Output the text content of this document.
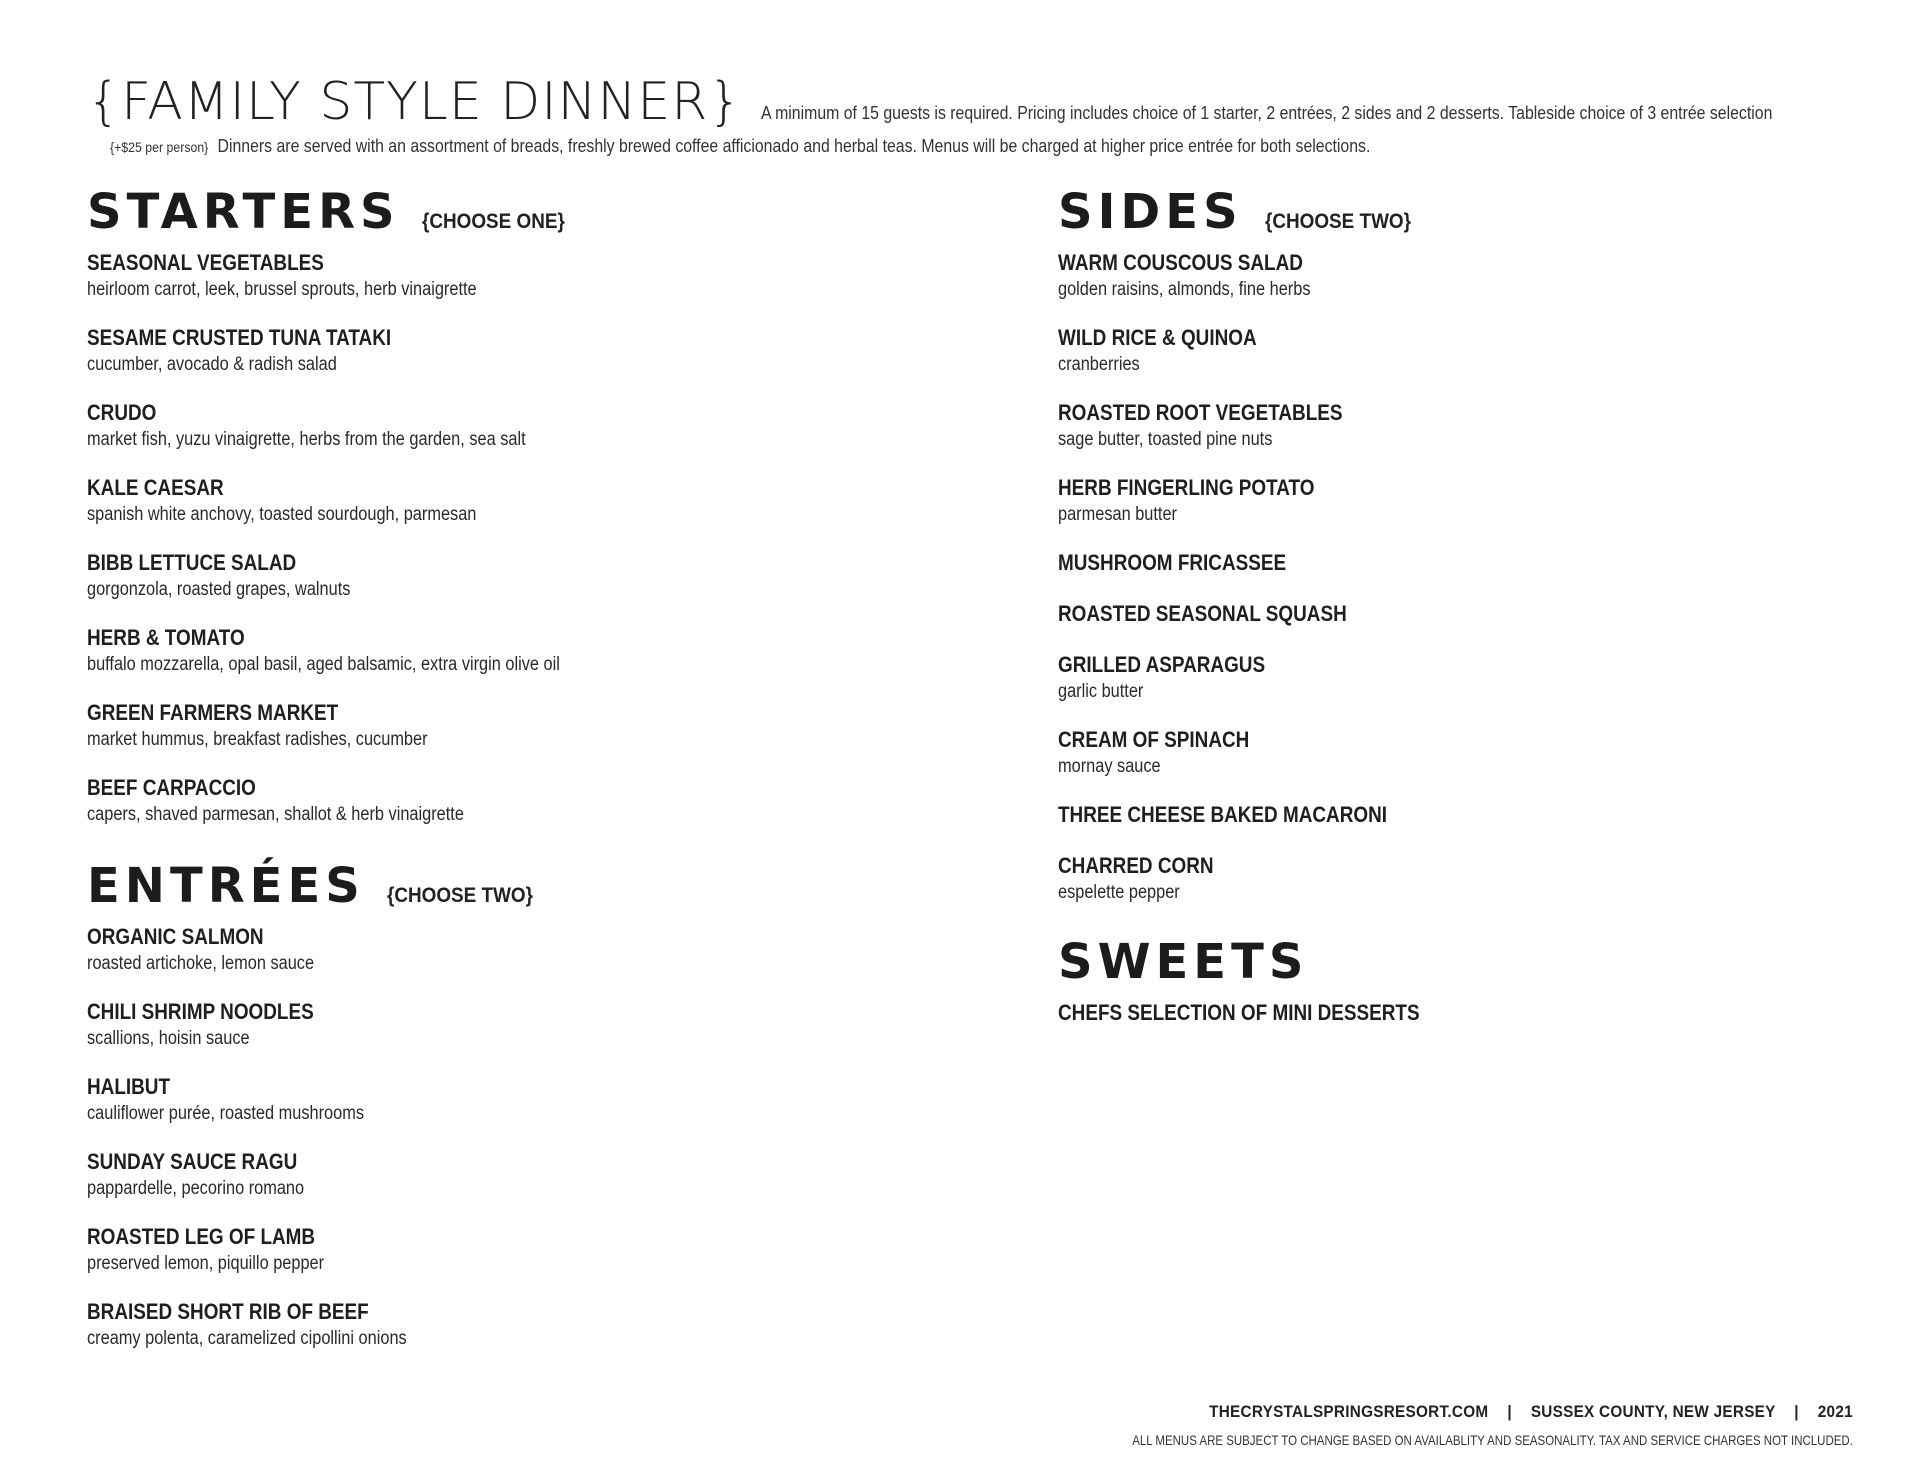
{FAMILY STYLE DINNER} A minimum of 15 guests is required. Pricing includes choice of 1 starter, 2 entrées, 2 sides and 2 desserts. Tableside choice of 3 entrée selection
{+$25 per person} Dinners are served with an assortment of breads, freshly brewed coffee afficionado and herbal teas. Menus will be charged at higher price entrée for both selections.
STARTERS {CHOOSE ONE}
SEASONAL VEGETABLES
heirloom carrot, leek, brussel sprouts, herb vinaigrette
SESAME CRUSTED TUNA TATAKI
cucumber, avocado & radish salad
CRUDO
market fish, yuzu vinaigrette, herbs from the garden, sea salt
KALE CAESAR
spanish white anchovy, toasted sourdough, parmesan
BIBB LETTUCE SALAD
gorgonzola, roasted grapes, walnuts
HERB & TOMATO
buffalo mozzarella, opal basil, aged balsamic, extra virgin olive oil
GREEN FARMERS MARKET
market hummus, breakfast radishes, cucumber
BEEF CARPACCIO
capers, shaved parmesan, shallot & herb vinaigrette
ENTRÉES {CHOOSE TWO}
ORGANIC SALMON
roasted artichoke, lemon sauce
CHILI SHRIMP NOODLES
scallions, hoisin sauce
HALIBUT
cauliflower purée, roasted mushrooms
SUNDAY SAUCE RAGU
pappardelle, pecorino romano
ROASTED LEG OF LAMB
preserved lemon, piquillo pepper
BRAISED SHORT RIB OF BEEF
creamy polenta, caramelized cipollini onions
SIDES {CHOOSE TWO}
WARM COUSCOUS SALAD
golden raisins, almonds, fine herbs
WILD RICE & QUINOA
cranberries
ROASTED ROOT VEGETABLES
sage butter, toasted pine nuts
HERB FINGERLING POTATO
parmesan butter
MUSHROOM FRICASSEE
ROASTED SEASONAL SQUASH
GRILLED ASPARAGUS
garlic butter
CREAM OF SPINACH
mornay sauce
THREE CHEESE BAKED MACARONI
CHARRED CORN
espelette pepper
SWEETS
CHEFS SELECTION OF MINI DESSERTS
THECRYSTALSPRINGSRESORT.COM | SUSSEX COUNTY, NEW JERSEY | 2021
ALL MENUS ARE SUBJECT TO CHANGE BASED ON AVAILABLITY AND SEASONALITY. TAX AND SERVICE CHARGES NOT INCLUDED.
